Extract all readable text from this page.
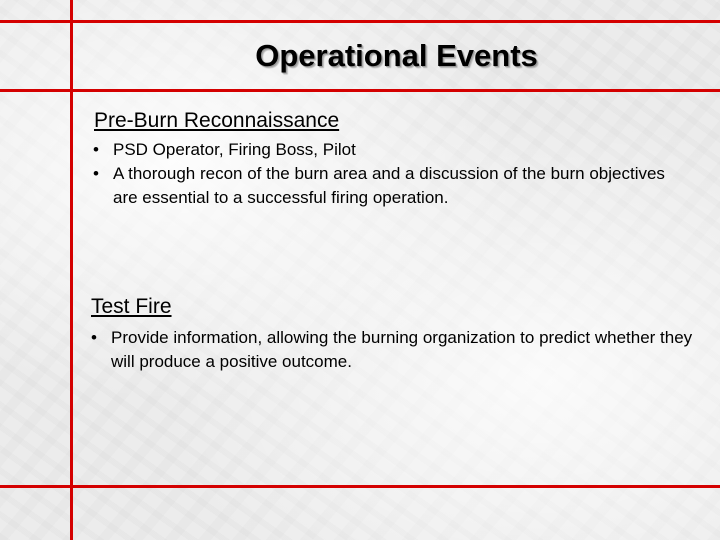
Operational Events
Pre-Burn Reconnaissance
• PSD Operator, Firing Boss, Pilot
• A thorough recon of the burn area and a discussion of the burn objectives are essential to a successful firing operation.
Test Fire
• Provide information, allowing the burning organization to predict whether they will produce a positive outcome.
